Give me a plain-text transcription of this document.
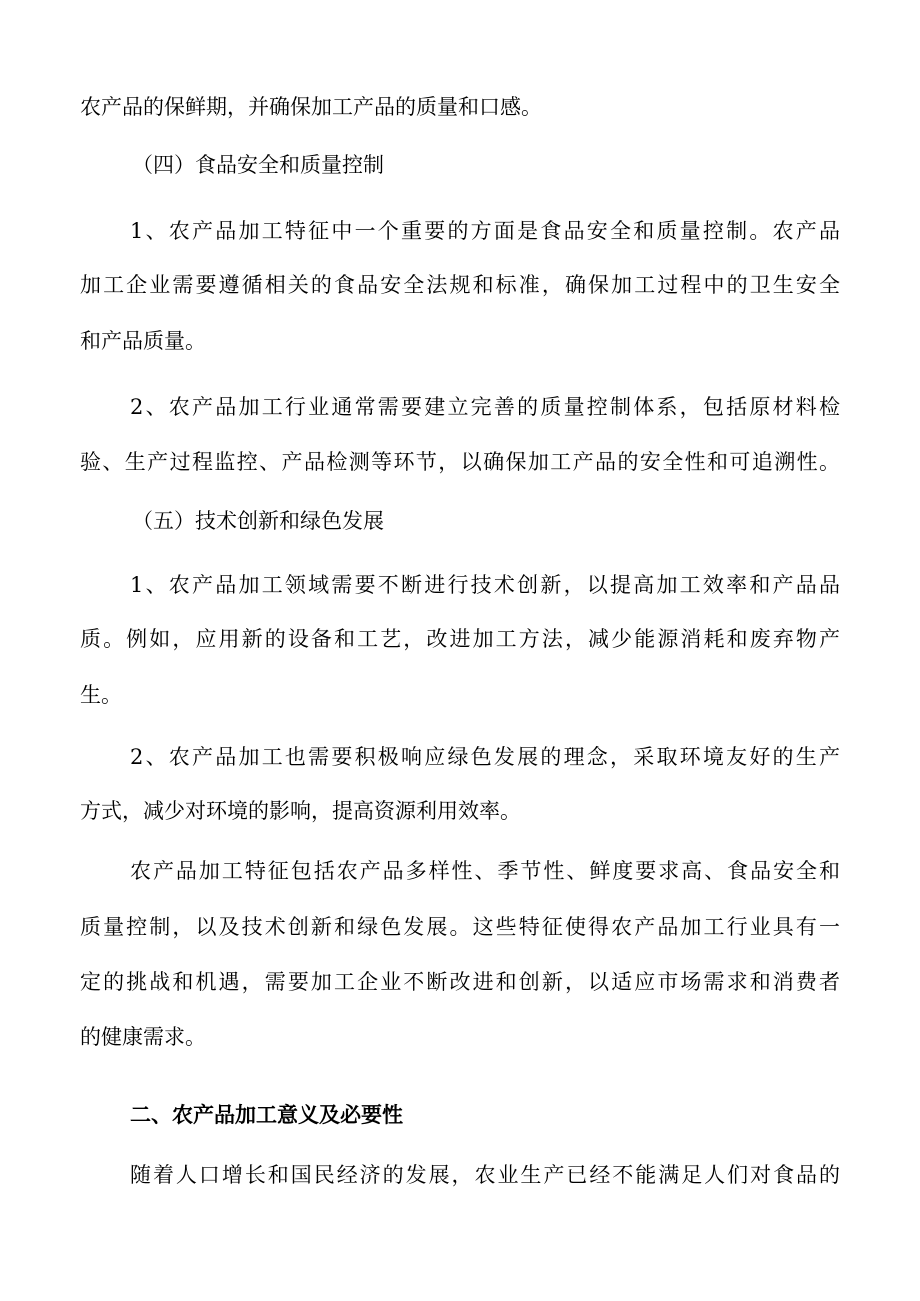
农产品的保鲜期，并确保加工产品的质量和口感。
（四）食品安全和质量控制
1、农产品加工特征中一个重要的方面是食品安全和质量控制。农产品
加工企业需要遵循相关的食品安全法规和标准，确保加工过程中的卫生安全
和产品质量。
2、农产品加工行业通常需要建立完善的质量控制体系，包括原材料检
验、生产过程监控、产品检测等环节，以确保加工产品的安全性和可追溯性。
（五）技术创新和绿色发展
1、农产品加工领域需要不断进行技术创新，以提高加工效率和产品品
质。例如，应用新的设备和工艺，改进加工方法，减少能源消耗和废弃物产
生。
2、农产品加工也需要积极响应绿色发展的理念，采取环境友好的生产
方式，减少对环境的影响，提高资源利用效率。
农产品加工特征包括农产品多样性、季节性、鲜度要求高、食品安全和
质量控制，以及技术创新和绿色发展。这些特征使得农产品加工行业具有一
定的挑战和机遇，需要加工企业不断改进和创新，以适应市场需求和消费者
的健康需求。
二、农产品加工意义及必要性
随着人口增长和国民经济的发展，农业生产已经不能满足人们对食品的
